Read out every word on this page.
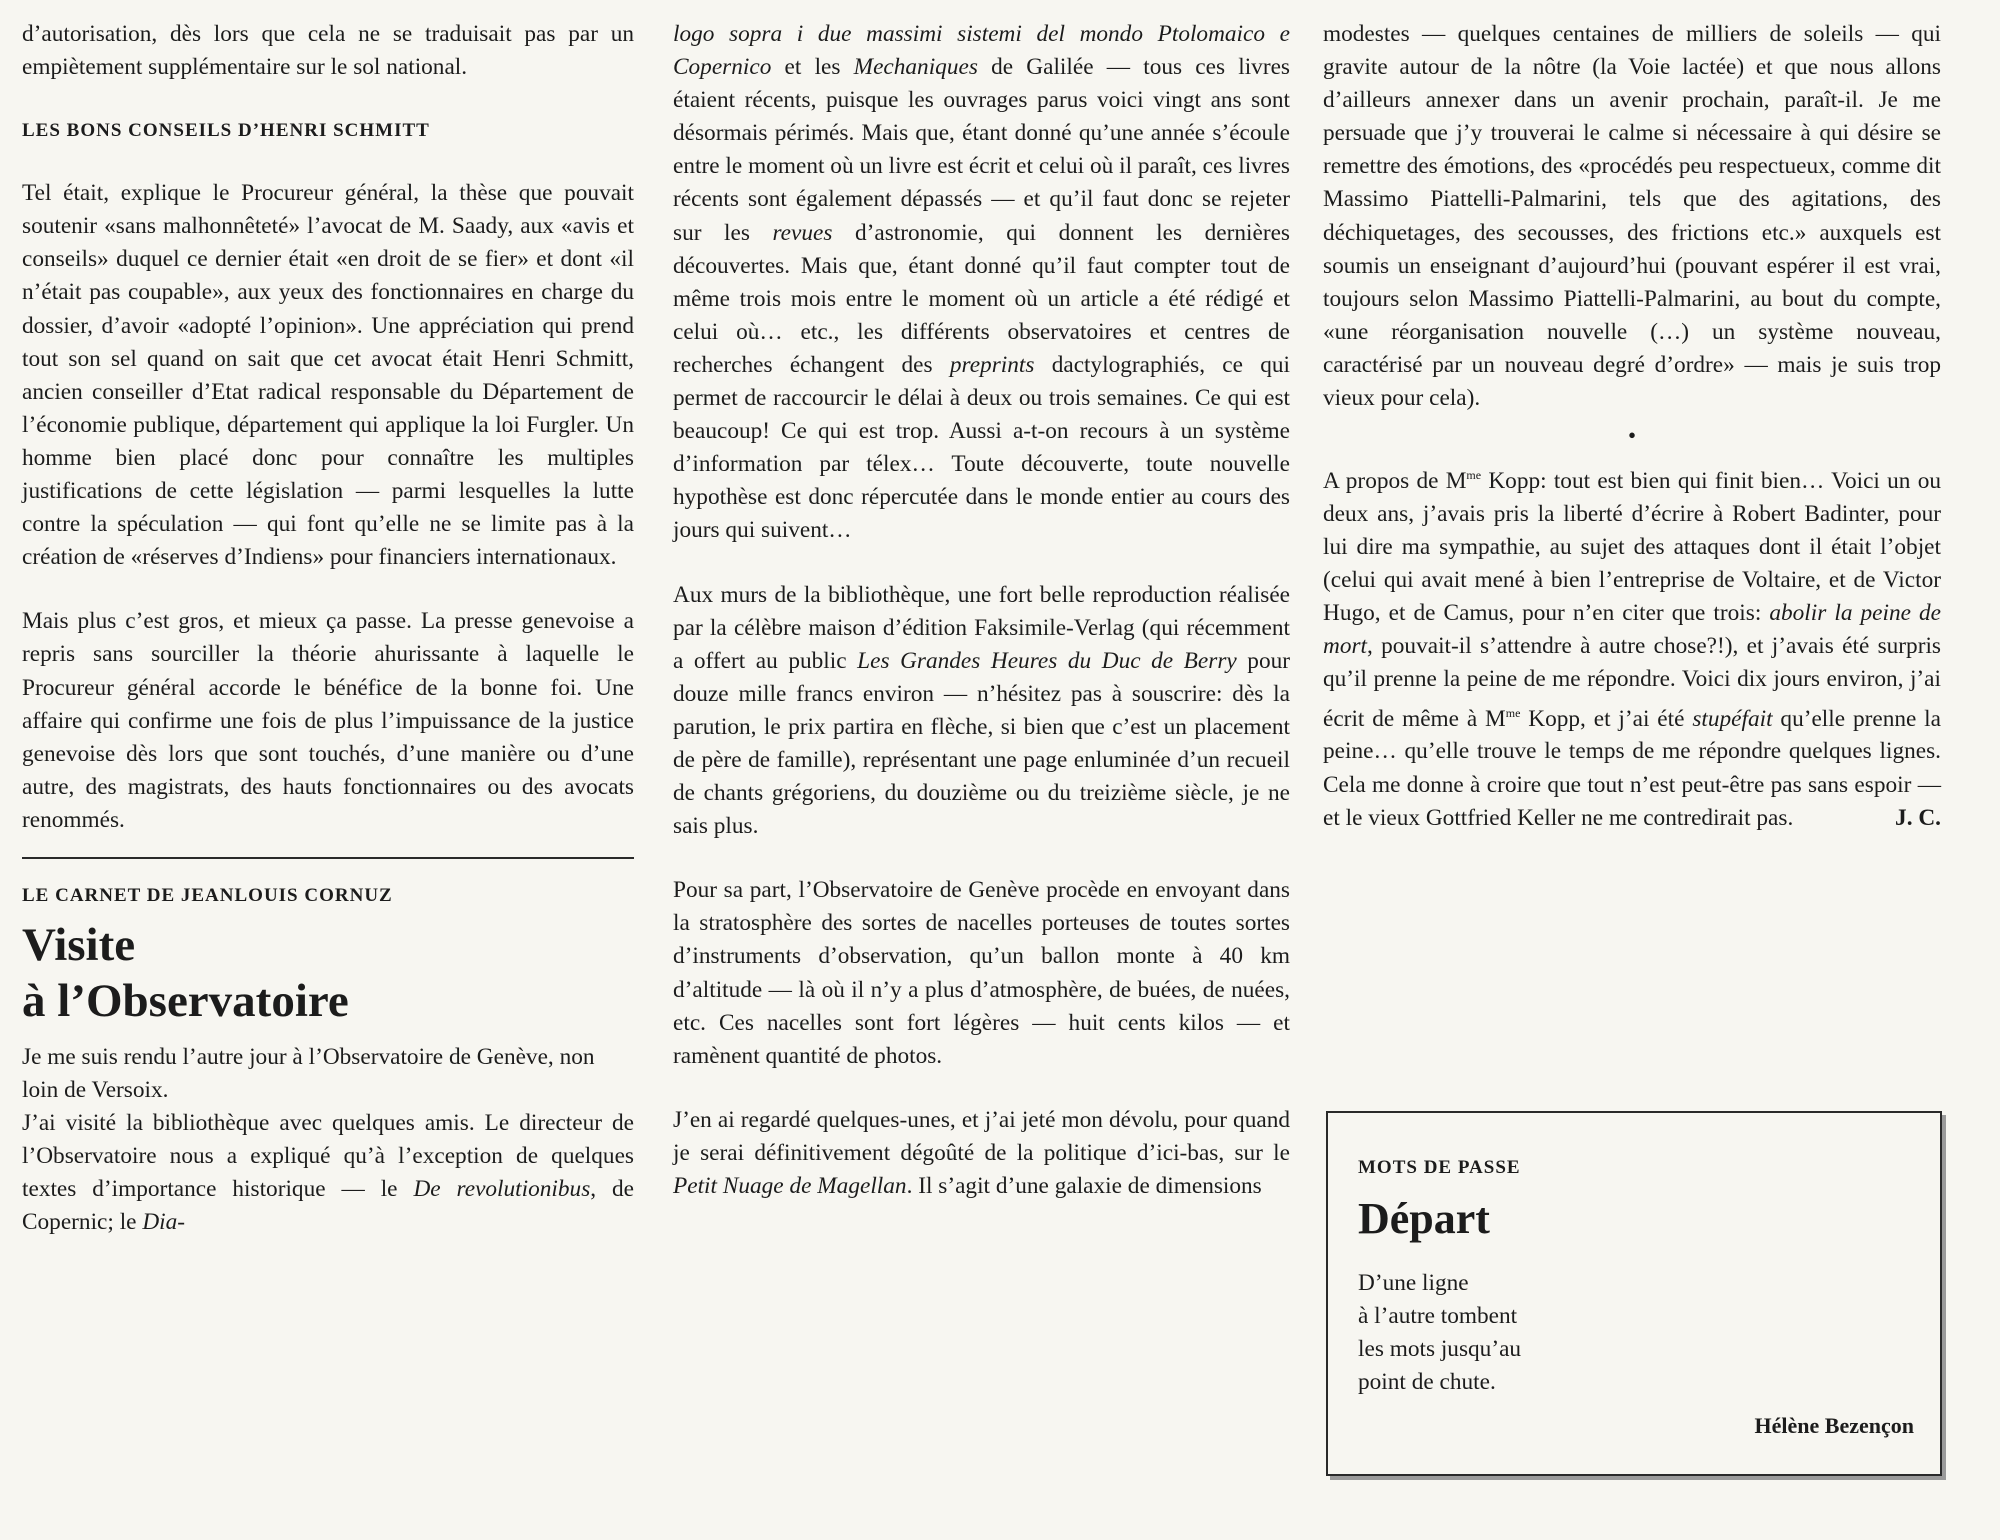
d’autorisation, dès lors que cela ne se traduisait pas par un empiètement supplémentaire sur le sol national.

LES BONS CONSEILS D’HENRI SCHMITT

Tel était, explique le Procureur général, la thèse que pouvait soutenir «sans malhonnêteté» l’avocat de M. Saady, aux «avis et conseils» duquel ce dernier était «en droit de se fier» et dont «il n’était pas coupable», aux yeux des fonctionnaires en charge du dossier, d’avoir «adopté l’opinion». Une appréciation qui prend tout son sel quand on sait que cet avocat était Henri Schmitt, ancien conseiller d’Etat radical responsable du Département de l’économie publique, département qui applique la loi Furgler. Un homme bien placé donc pour connaître les multiples justifications de cette législation — parmi lesquelles la lutte contre la spéculation — qui font qu’elle ne se limite pas à la création de «réserves d’Indiens» pour financiers internationaux.

Mais plus c’est gros, et mieux ça passe. La presse genevoise a repris sans sourciller la théorie ahurissante à laquelle le Procureur général accorde le bénéfice de la bonne foi. Une affaire qui confirme une fois de plus l’impuissance de la justice genevoise dès lors que sont touchés, d’une manière ou d’une autre, des magistrats, des hauts fonctionnaires ou des avocats renommés.

LE CARNET DE JEANLOUIS CORNUZ
Visite
à l’Observatoire

Je me suis rendu l’autre jour à l’Observatoire de Genève, non loin de Versoix.

J’ai visité la bibliothèque avec quelques amis. Le directeur de l’Observatoire nous a expliqué qu’à l’exception de quelques textes d’importance historique — le De revolutionibus, de Copernic; le Dia-

logo sopra i due massimi sistemi del mondo Ptolomaico e Copernico et les Mechaniques de Galilée — tous ces livres étaient récents, puisque les ouvrages parus voici vingt ans sont désormais périmés. Mais que, étant donné qu’une année s’écoule entre le moment où un livre est écrit et celui où il paraît, ces livres récents sont également dépassés — et qu’il faut donc se rejeter sur les revues d’astronomie, qui donnent les dernières découvertes. Mais que, étant donné qu’il faut compter tout de même trois mois entre le moment où un article a été rédigé et celui où… etc., les différents observatoires et centres de recherches échangent des preprints dactylographiés, ce qui permet de raccourcir le délai à deux ou trois semaines. Ce qui est beaucoup! Ce qui est trop. Aussi a-t-on recours à un système d’information par télex… Toute découverte, toute nouvelle hypothèse est donc répercutée dans le monde entier au cours des jours qui suivent…

Aux murs de la bibliothèque, une fort belle reproduction réalisée par la célèbre maison d’édition Faksimile-Verlag (qui récemment a offert au public Les Grandes Heures du Duc de Berry pour douze mille francs environ — n’hésitez pas à souscrire: dès la parution, le prix partira en flèche, si bien que c’est un placement de père de famille), représentant une page enluminée d’un recueil de chants grégoriens, du douzième ou du treizième siècle, je ne sais plus.

Pour sa part, l’Observatoire de Genève procède en envoyant dans la stratosphère des sortes de nacelles porteuses de toutes sortes d’instruments d’observation, qu’un ballon monte à 40 km d’altitude — là où il n’y a plus d’atmosphère, de buées, de nuées, etc. Ces nacelles sont fort légères — huit cents kilos — et ramènent quantité de photos.

J’en ai regardé quelques-unes, et j’ai jeté mon dévolu, pour quand je serai définitivement dégoûté de la politique d’ici-bas, sur le Petit Nuage de Magellan. Il s’agit d’une galaxie de dimensions

modestes — quelques centaines de milliers de soleils — qui gravite autour de la nôtre (la Voie lactée) et que nous allons d’ailleurs annexer dans un avenir prochain, paraît-il. Je me persuade que j’y trouverai le calme si nécessaire à qui désire se remettre des émotions, des «procédés peu respectueux, comme dit Massimo Piattelli-Palmarini, tels que des agitations, des déchiquetages, des secousses, des frictions etc.» auxquels est soumis un enseignant d’aujourd’hui (pouvant espérer il est vrai, toujours selon Massimo Piattelli-Palmarini, au bout du compte, «une réorganisation nouvelle (…) un système nouveau, caractérisé par un nouveau degré d’ordre» — mais je suis trop vieux pour cela).

•

A propos de $M^{me}$ Kopp: tout est bien qui finit bien… Voici un ou deux ans, j’avais pris la liberté d’écrire à Robert Badinter, pour lui dire ma sympathie, au sujet des attaques dont il était l’objet (celui qui avait mené à bien l’entreprise de Voltaire, et de Victor Hugo, et de Camus, pour n’en citer que trois: abolir la peine de mort, pouvait-il s’attendre à autre chose?!), et j’avais été surpris qu’il prenne la peine de me répondre. Voici dix jours environ, j’ai écrit de même à $M^{me}$ Kopp, et j’ai été stupéfait qu’elle prenne la peine… qu’elle trouve le temps de me répondre quelques lignes. Cela me donne à croire que tout n’est peut-être pas sans espoir — et le vieux Gottfried Keller ne me contredirait pas.	J. C.

MOTS DE PASSE
Départ
D’une ligne
à l’autre tombent
les mots jusqu’au
point de chute.
Hélène Bezençon
